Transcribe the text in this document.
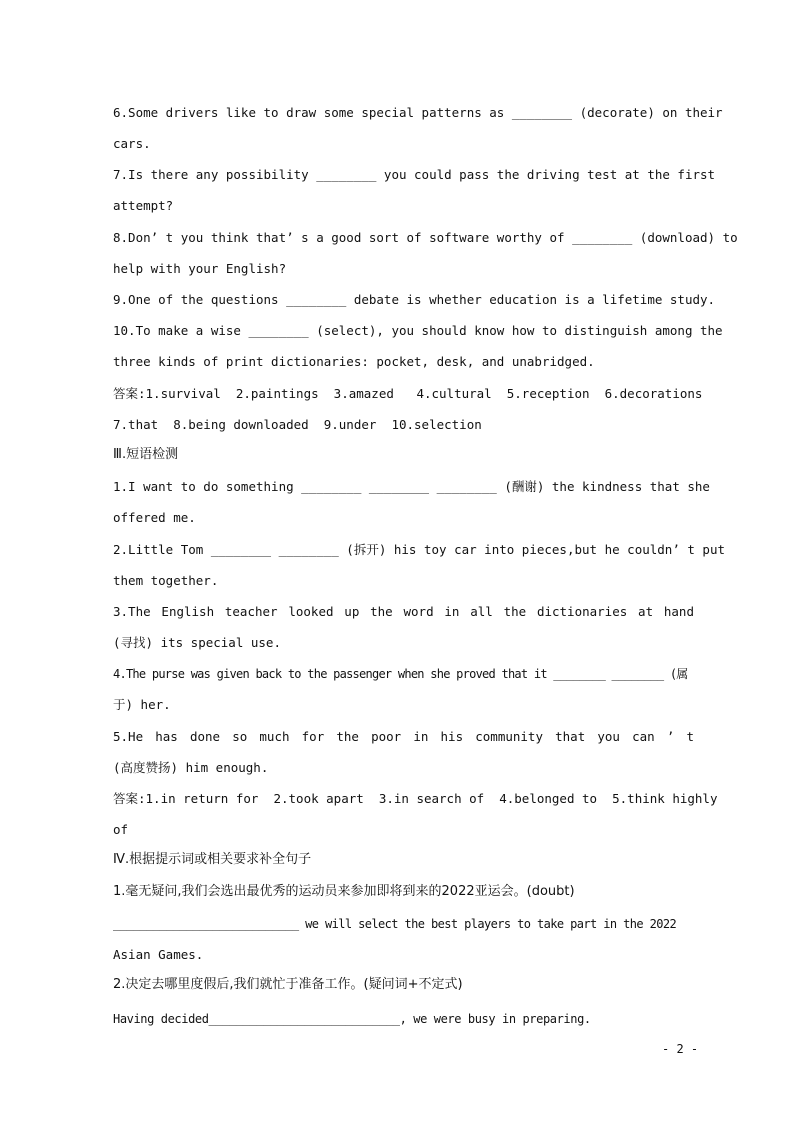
6.Some drivers like to draw some special patterns as ________ (decorate) on their
cars.
7.Is there any possibility ________ you could pass the driving test at the first
attempt?
8.Don’ t you think that’ s a good sort of software worthy of ________ (download) to
help with your English?
9.One of the questions ________ debate is whether education is a lifetime study.
10.To make a wise ________ (select), you should know how to distinguish among the
three kinds of print dictionaries: pocket, desk, and unabridged.
答案:1.survival  2.paintings  3.amazed   4.cultural  5.reception  6.decorations
7.that  8.being downloaded  9.under  10.selection
Ⅲ.短语检测
1.I want to do something ________ ________ ________ (酬谢) the kindness that she
offered me.
2.Little Tom ________ ________ (拆开) his toy car into pieces,but he couldn’ t put
them together.
3.The English teacher looked up the word in all the dictionaries at hand
(寻找) its special use.
4.The purse was given back to the passenger when she proved that it ________ ________ (属
于) her.
5.He has done so much for the poor in his community that you can ’ t
(高度赞扬) him enough.
答案:1.in return for  2.took apart  3.in search of  4.belonged to  5.think highly
of
Ⅳ.根据提示词或相关要求补全句子
1.毫无疑问,我们会选出最优秀的运动员来参加即将到来的2022亚运会。(doubt)
____________________________ we will select the best players to take part in the 2022
Asian Games.
2.决定去哪里度假后,我们就忙于准备工作。(疑问词+不定式)
Having decided____________________________, we were busy in preparing.
- 2 -
